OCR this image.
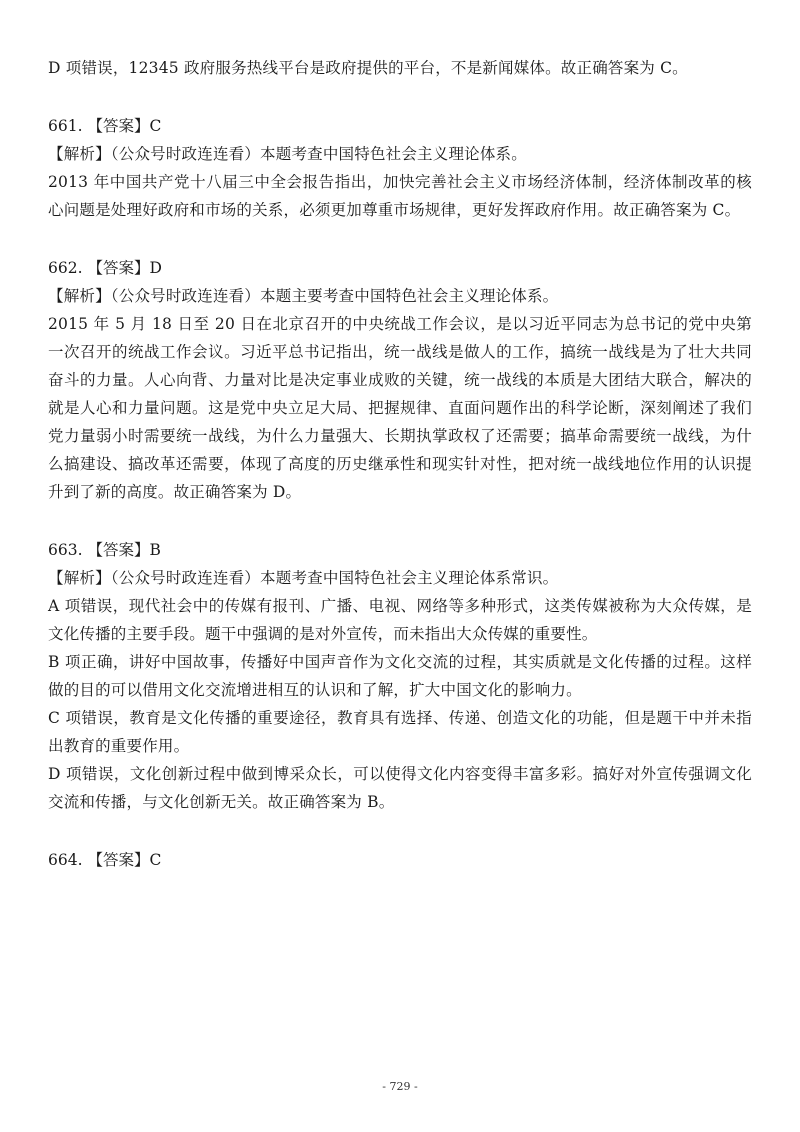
D 项错误，12345 政府服务热线平台是政府提供的平台，不是新闻媒体。故正确答案为 C。

661. 【答案】C

【解析】（公众号时政连连看）本题考查中国特色社会主义理论体系。

2013 年中国共产党十八届三中全会报告指出，加快完善社会主义市场经济体制，经济体制改革的核心问题是处理好政府和市场的关系，必须更加尊重市场规律，更好发挥政府作用。故正确答案为 C。

662. 【答案】D

【解析】（公众号时政连连看）本题主要考查中国特色社会主义理论体系。

2015 年 5 月 18 日至 20 日在北京召开的中央统战工作会议，是以习近平同志为总书记的党中央第一次召开的统战工作会议。习近平总书记指出，统一战线是做人的工作，搞统一战线是为了壮大共同奋斗的力量。人心向背、力量对比是决定事业成败的关键，统一战线的本质是大团结大联合，解决的就是人心和力量问题。这是党中央立足大局、把握规律、直面问题作出的科学论断，深刻阐述了我们党力量弱小时需要统一战线，为什么力量强大、长期执掌政权了还需要；搞革命需要统一战线，为什么搞建设、搞改革还需要，体现了高度的历史继承性和现实针对性，把对统一战线地位作用的认识提升到了新的高度。故正确答案为 D。

663. 【答案】B

【解析】（公众号时政连连看）本题考查中国特色社会主义理论体系常识。

A 项错误，现代社会中的传媒有报刊、广播、电视、网络等多种形式，这类传媒被称为大众传媒，是文化传播的主要手段。题干中强调的是对外宣传，而未指出大众传媒的重要性。

B 项正确，讲好中国故事，传播好中国声音作为文化交流的过程，其实质就是文化传播的过程。这样做的目的可以借用文化交流增进相互的认识和了解，扩大中国文化的影响力。

C 项错误，教育是文化传播的重要途径，教育具有选择、传递、创造文化的功能，但是题干中并未指出教育的重要作用。

D 项错误，文化创新过程中做到博采众长，可以使得文化内容变得丰富多彩。搞好对外宣传强调文化交流和传播，与文化创新无关。故正确答案为 B。

664. 【答案】C

- 729 -
